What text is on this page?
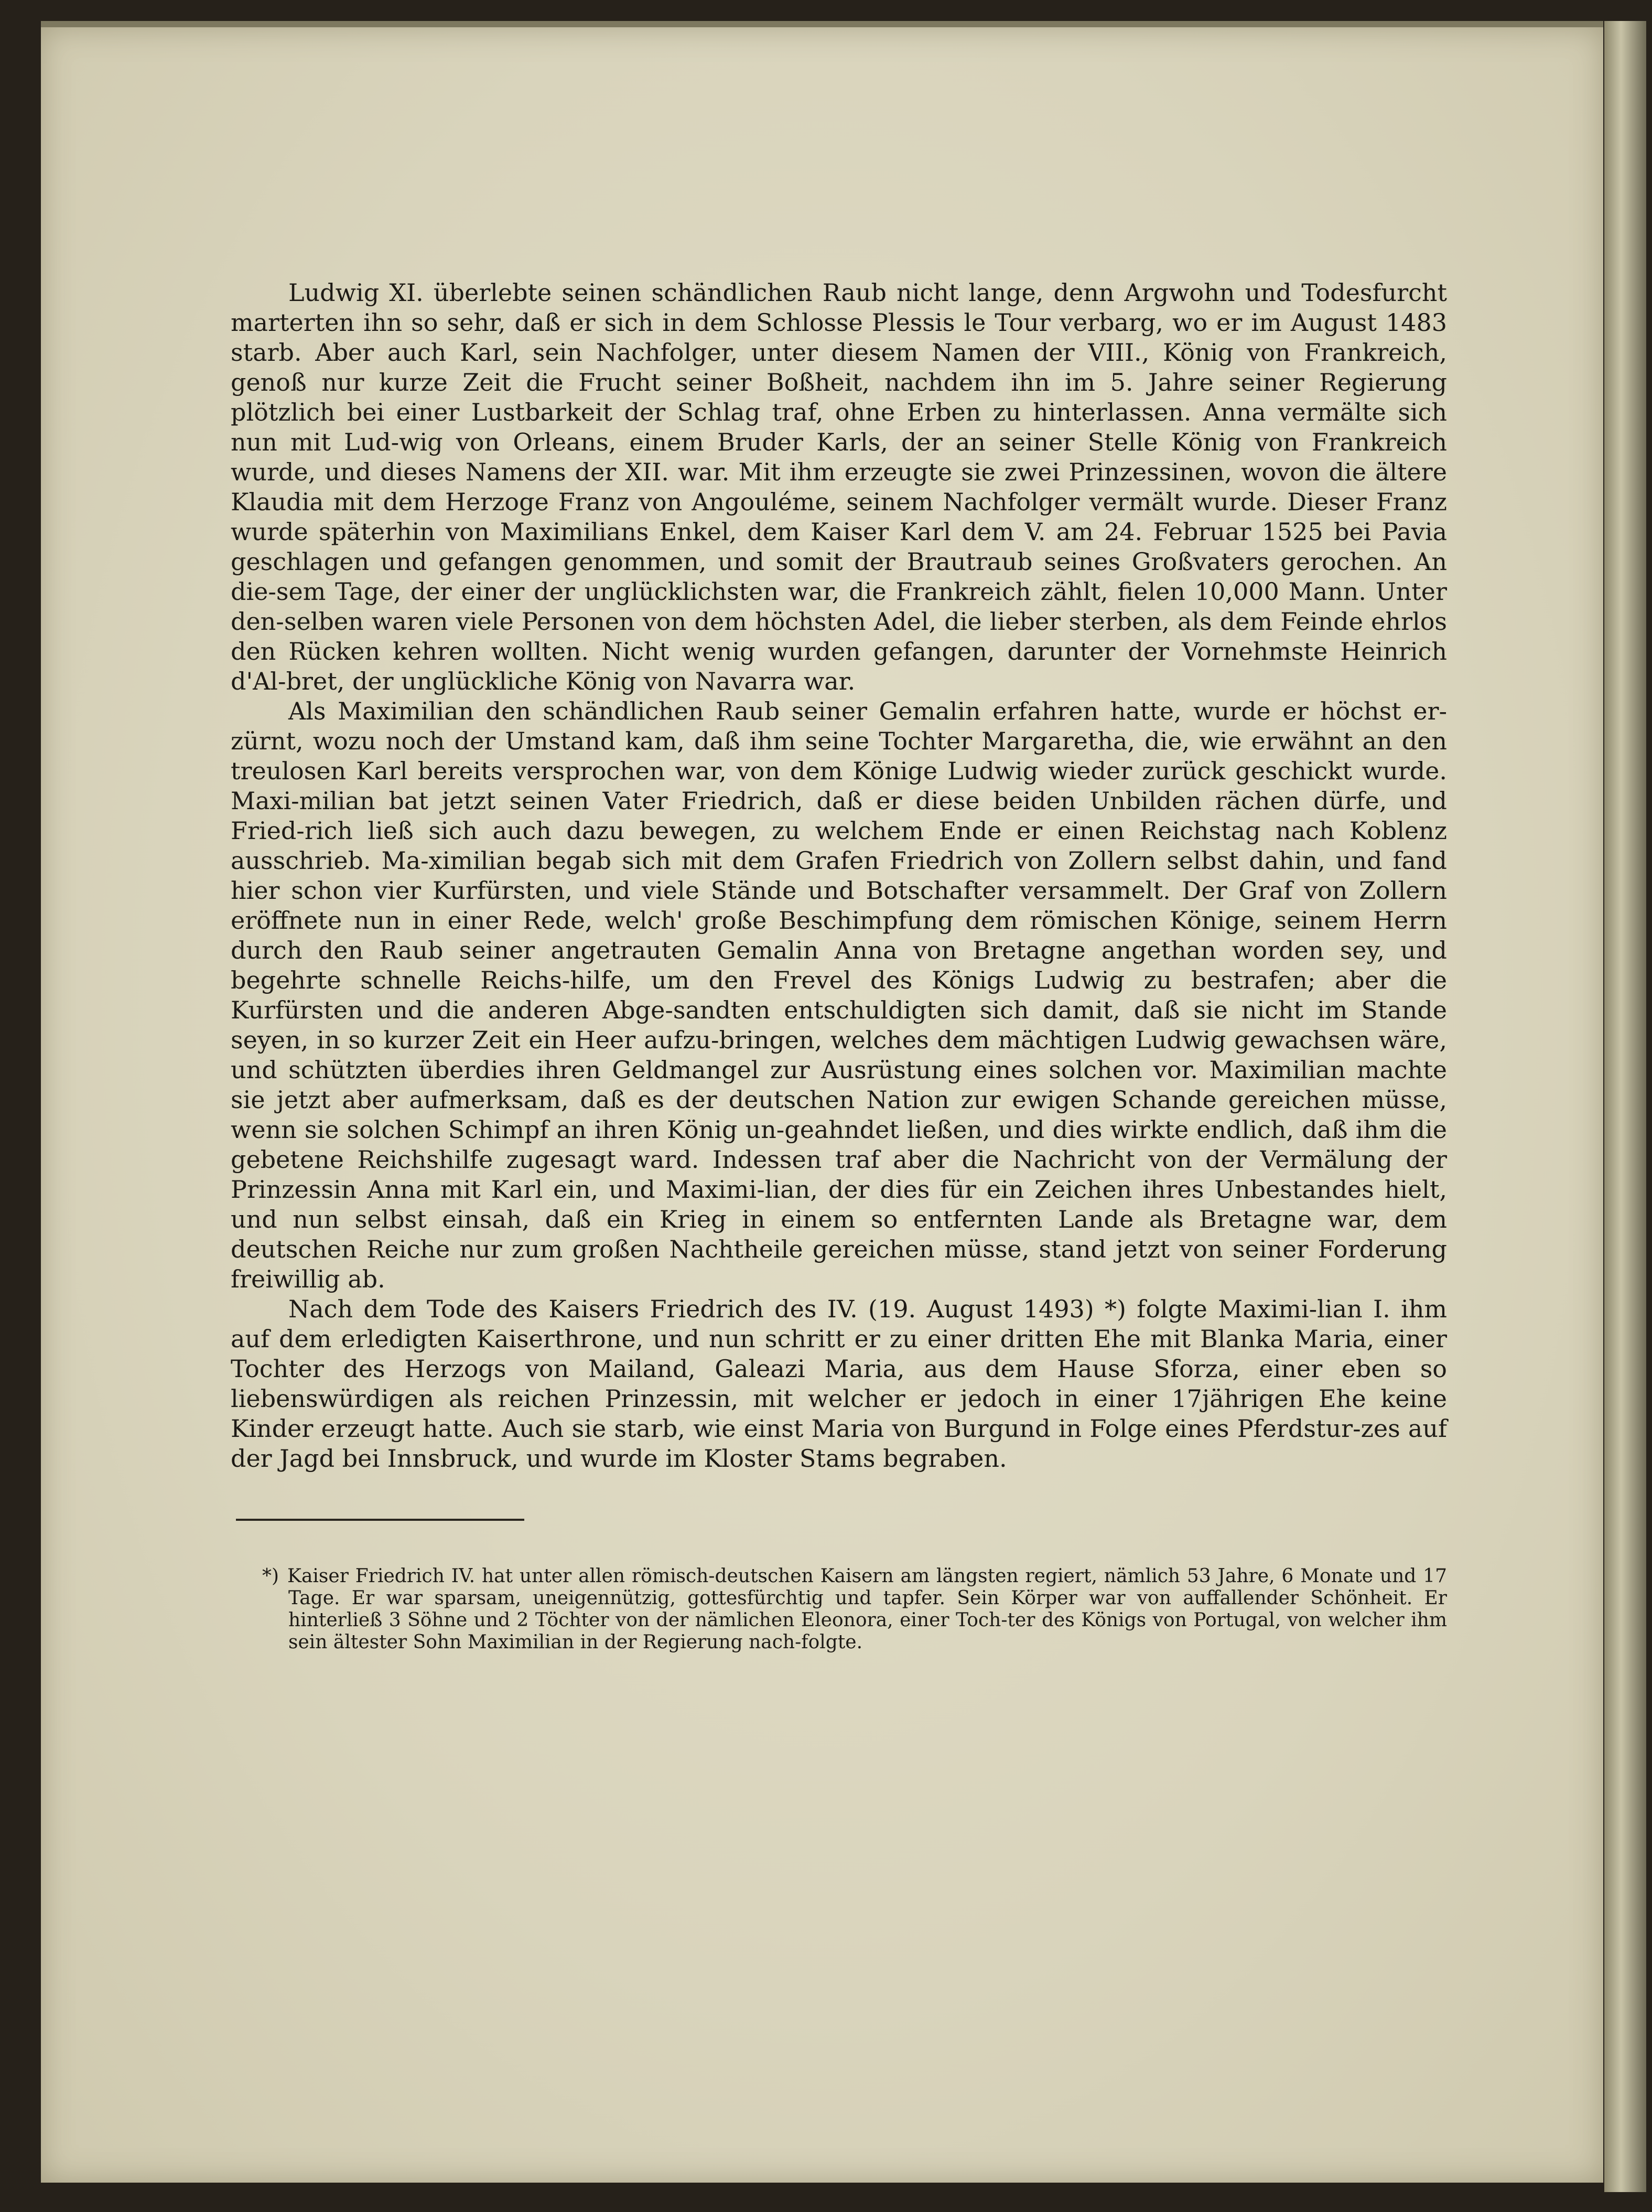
Ludwig XI. überlebte seinen schändlichen Raub nicht lange, denn Argwohn und Todesfurcht marterten ihn so sehr, daß er sich in dem Schlosse Plessis le Tour verbarg, wo er im August 1483 starb. Aber auch Karl, sein Nachfolger, unter diesem Namen der VIII., König von Frankreich, genoß nur kurze Zeit die Frucht seiner Boßheit, nachdem ihn im 5. Jahre seiner Regierung plötzlich bei einer Lustbarkeit der Schlag traf, ohne Erben zu hinterlassen. Anna vermälte sich nun mit Lud-wig von Orleans, einem Bruder Karls, der an seiner Stelle König von Frankreich wurde, und dieses Namens der XII. war. Mit ihm erzeugte sie zwei Prinzessinen, wovon die ältere Klaudia mit dem Herzoge Franz von Angouléme, seinem Nachfolger vermält wurde. Dieser Franz wurde späterhin von Maximilians Enkel, dem Kaiser Karl dem V. am 24. Februar 1525 bei Pavia geschlagen und gefangen genommen, und somit der Brautraub seines Großvaters gerochen. An die-sem Tage, der einer der unglücklichsten war, die Frankreich zählt, fielen 10,000 Mann. Unter den-selben waren viele Personen von dem höchsten Adel, die lieber sterben, als dem Feinde ehrlos den Rücken kehren wollten. Nicht wenig wurden gefangen, darunter der Vornehmste Heinrich d'Al-bret, der unglückliche König von Navarra war.

Als Maximilian den schändlichen Raub seiner Gemalin erfahren hatte, wurde er höchst er-zürnt, wozu noch der Umstand kam, daß ihm seine Tochter Margaretha, die, wie erwähnt an den treulosen Karl bereits versprochen war, von dem Könige Ludwig wieder zurück geschickt wurde. Maxi-milian bat jetzt seinen Vater Friedrich, daß er diese beiden Unbilden rächen dürfe, und Fried-rich ließ sich auch dazu bewegen, zu welchem Ende er einen Reichstag nach Koblenz ausschrieb. Ma-ximilian begab sich mit dem Grafen Friedrich von Zollern selbst dahin, und fand hier schon vier Kurfürsten, und viele Stände und Botschafter versammelt. Der Graf von Zollern eröffnete nun in einer Rede, welch' große Beschimpfung dem römischen Könige, seinem Herrn durch den Raub seiner angetrauten Gemalin Anna von Bretagne angethan worden sey, und begehrte schnelle Reichs-hilfe, um den Frevel des Königs Ludwig zu bestrafen; aber die Kurfürsten und die anderen Abge-sandten entschuldigten sich damit, daß sie nicht im Stande seyen, in so kurzer Zeit ein Heer aufzu-bringen, welches dem mächtigen Ludwig gewachsen wäre, und schützten überdies ihren Geldmangel zur Ausrüstung eines solchen vor. Maximilian machte sie jetzt aber aufmerksam, daß es der deutschen Nation zur ewigen Schande gereichen müsse, wenn sie solchen Schimpf an ihren König un-geahndet ließen, und dies wirkte endlich, daß ihm die gebetene Reichshilfe zugesagt ward. Indessen traf aber die Nachricht von der Vermälung der Prinzessin Anna mit Karl ein, und Maximi-lian, der dies für ein Zeichen ihres Unbestandes hielt, und nun selbst einsah, daß ein Krieg in einem so entfernten Lande als Bretagne war, dem deutschen Reiche nur zum großen Nachtheile gereichen müsse, stand jetzt von seiner Forderung freiwillig ab.

Nach dem Tode des Kaisers Friedrich des IV. (19. August 1493) *) folgte Maximi-lian I. ihm auf dem erledigten Kaiserthrone, und nun schritt er zu einer dritten Ehe mit Blanka Maria, einer Tochter des Herzogs von Mailand, Galeazi Maria, aus dem Hause Sforza, einer eben so liebenswürdigen als reichen Prinzessin, mit welcher er jedoch in einer 17jährigen Ehe keine Kinder erzeugt hatte. Auch sie starb, wie einst Maria von Burgund in Folge eines Pferdstur-zes auf der Jagd bei Innsbruck, und wurde im Kloster Stams begraben.

*) Kaiser Friedrich IV. hat unter allen römisch-deutschen Kaisern am längsten regiert, nämlich 53 Jahre, 6 Monate und 17 Tage. Er war sparsam, uneigennützig, gottesfürchtig und tapfer. Sein Körper war von auffallender Schönheit. Er hinterließ 3 Söhne und 2 Töchter von der nämlichen Eleonora, einer Toch-ter des Königs von Portugal, von welcher ihm sein ältester Sohn Maximilian in der Regierung nach-folgte.
